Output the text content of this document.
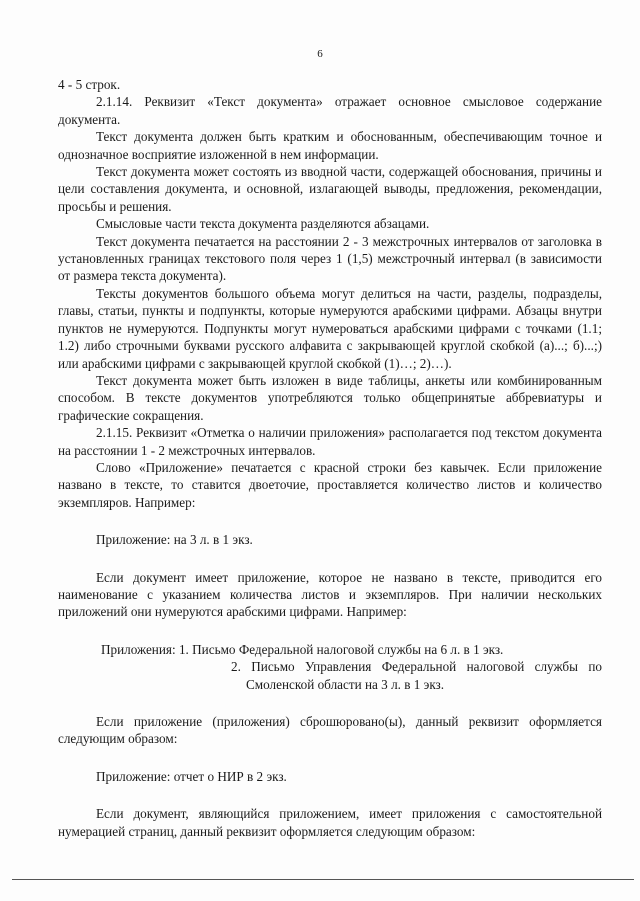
6

4 - 5 строк.

2.1.14. Реквизит «Текст документа» отражает основное смысловое содержание документа.

Текст документа должен быть кратким и обоснованным, обеспечивающим точное и однозначное восприятие изложенной в нем информации.

Текст документа может состоять из вводной части, содержащей обоснования, причины и цели составления документа, и основной, излагающей выводы, предложения, рекомендации, просьбы и решения.

Смысловые части текста документа разделяются абзацами.

Текст документа печатается на расстоянии 2 - 3 межстрочных интервалов от заголовка в установленных границах текстового поля через 1 (1,5) межстрочный интервал (в зависимости от размера текста документа).

Тексты документов большого объема могут делиться на части, разделы, подразделы, главы, статьи, пункты и подпункты, которые нумеруются арабскими цифрами. Абзацы внутри пунктов не нумеруются. Подпункты могут нумероваться арабскими цифрами с точками (1.1; 1.2) либо строчными буквами русского алфавита с закрывающей круглой скобкой (а)...; б)...;) или арабскими цифрами с закрывающей круглой скобкой (1)…; 2)…).

Текст документа может быть изложен в виде таблицы, анкеты или комбинированным способом. В тексте документов употребляются только общепринятые аббревиатуры и графические сокращения.

2.1.15. Реквизит «Отметка о наличии приложения» располагается под текстом документа на расстоянии 1 - 2 межстрочных интервалов.

Слово «Приложение» печатается с красной строки без кавычек. Если приложение названо в тексте, то ставится двоеточие, проставляется количество листов и количество экземпляров. Например:

Приложение: на 3 л. в 1 экз.

Если документ имеет приложение, которое не названо в тексте, приводится его наименование с указанием количества листов и экземпляров. При наличии нескольких приложений они нумеруются арабскими цифрами. Например:

Приложения: 1. Письмо Федеральной налоговой службы на 6 л. в 1 экз.
2. Письмо Управления Федеральной налоговой службы по
Смоленской области на 3 л. в 1 экз.

Если приложение (приложения) сброшюровано(ы), данный реквизит оформляется следующим образом:

Приложение: отчет о НИР в 2 экз.

Если документ, являющийся приложением, имеет приложения с самостоятельной нумерацией страниц, данный реквизит оформляется следующим образом:
